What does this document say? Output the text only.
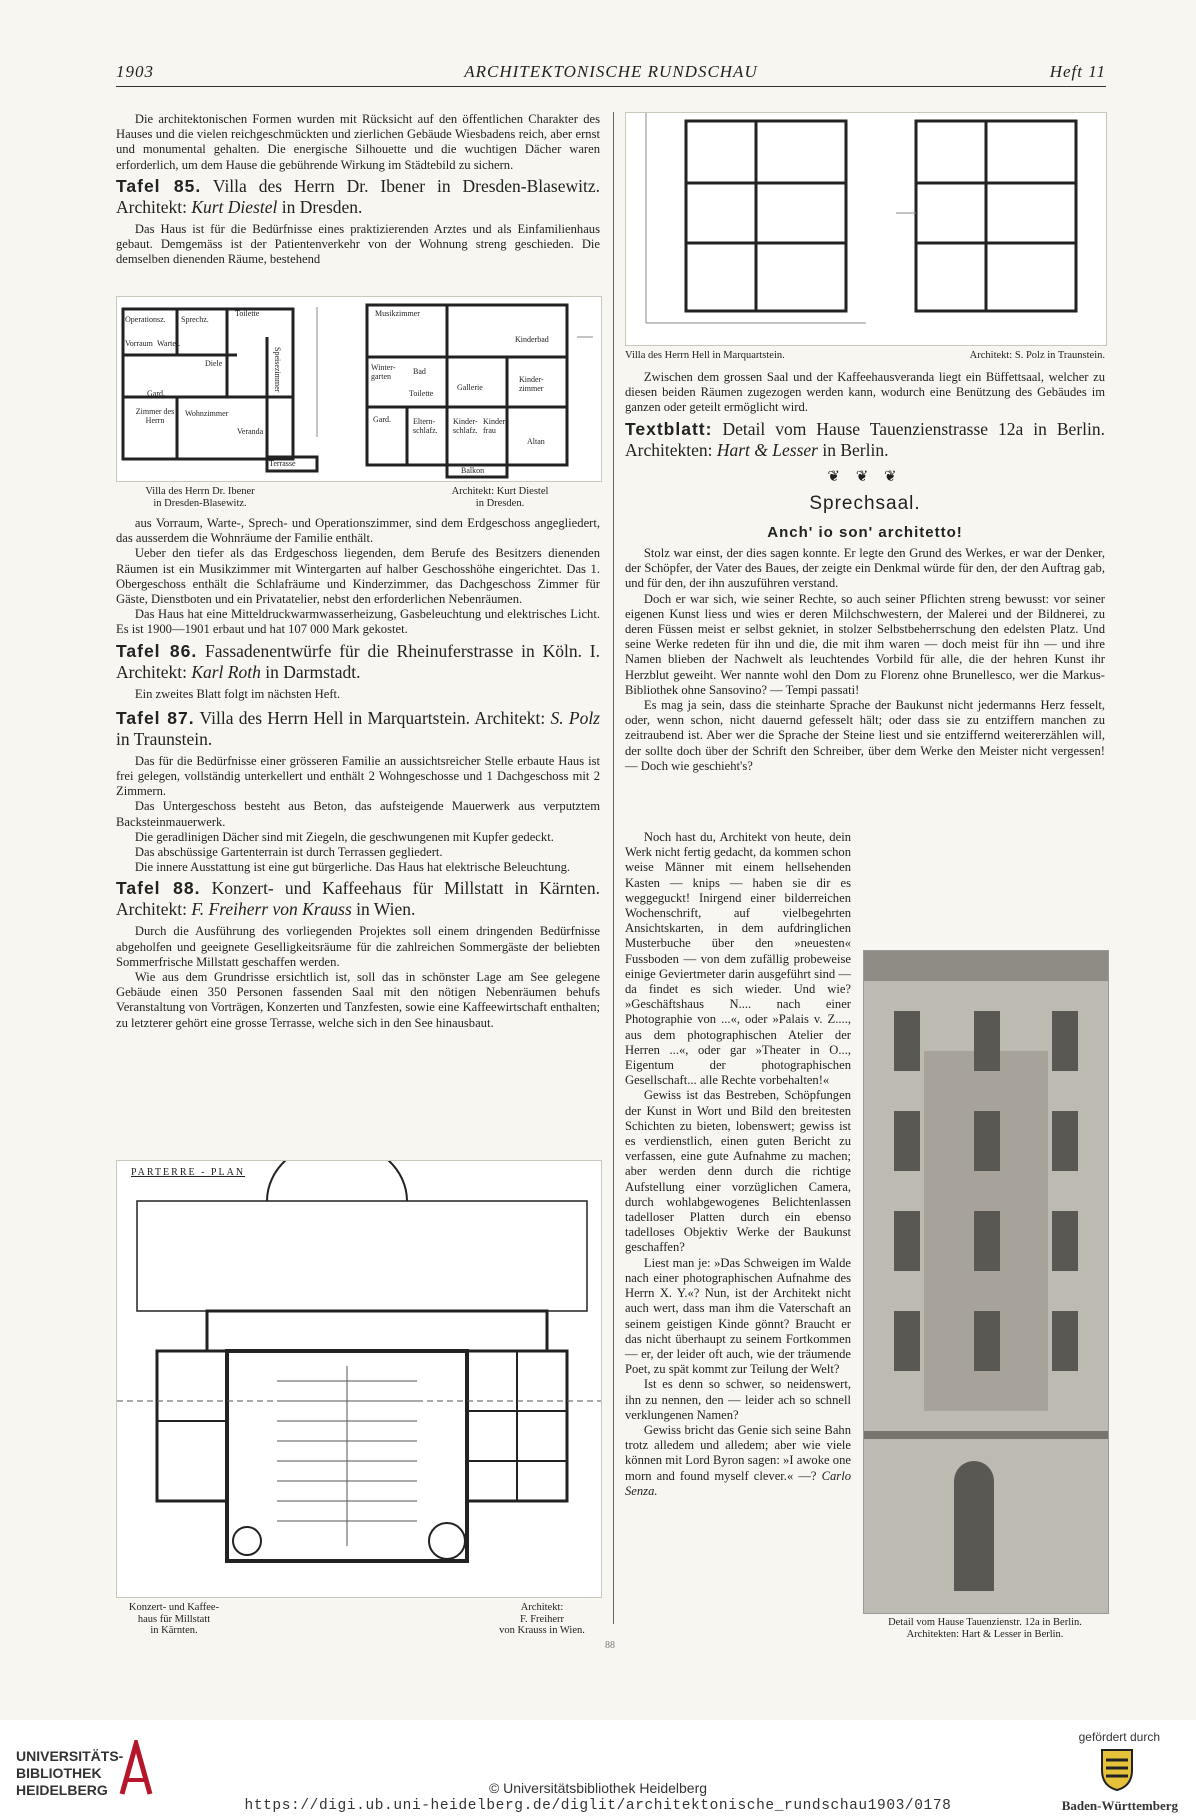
1903	ARCHITEKTONISCHE RUNDSCHAU	Heft 11

Die architektonischen Formen wurden mit Rücksicht auf den öffentlichen Charakter des Hauses und die vielen reichgeschmückten und zierlichen Gebäude Wiesbadens reich, aber ernst und monumental gehalten. Die energische Silhouette und die wuchtigen Dächer waren erforderlich, um dem Hause die gebührende Wirkung im Städtebild zu sichern.

Tafel 85. Villa des Herrn Dr. Ibener in Dresden-Blasewitz. Architekt: Kurt Diestel in Dresden.

Das Haus ist für die Bedürfnisse eines praktizierenden Arztes und als Einfamilienhaus gebaut. Demgemäss ist der Patientenverkehr von der Wohnung streng geschieden. Die demselben dienenden Räume, bestehend

Operationsz. Sprechz.
Toilette
Vorraum Warter.
Diele	Speisezimmer
Gard.
Zimmer des Herrn
Wohnzimmer
Veranda
Terrasse
Musikzimmer
Kinderbad
Winter-garten
Bad
Gallerie
Kinder-zimmer
Toilette
Gard.	Eltern-schlafz.
Kinder-schlafz.
Kinder-frau
Altan
Balkon
Villa des Herrn Dr. Ibener
in Dresden-Blasewitz.
Architekt: Kurt Diestel
in Dresden.

aus Vorraum, Warte-, Sprech- und Operationszimmer, sind dem Erdgeschoss angegliedert, das ausserdem die Wohnräume der Familie enthält.

Ueber den tiefer als das Erdgeschoss liegenden, dem Berufe des Besitzers dienenden Räumen ist ein Musikzimmer mit Wintergarten auf halber Geschosshöhe eingerichtet. Das 1. Obergeschoss enthält die Schlafräume und Kinderzimmer, das Dachgeschoss Zimmer für Gäste, Dienstboten und ein Privatatelier, nebst den erforderlichen Nebenräumen.

Das Haus hat eine Mitteldruckwarmwasserheizung, Gasbeleuchtung und elektrisches Licht. Es ist 1900—1901 erbaut und hat 107 000 Mark gekostet.

Tafel 86. Fassadenentwürfe für die Rheinuferstrasse in Köln. I. Architekt: Karl Roth in Darmstadt.
Ein zweites Blatt folgt im nächsten Heft.
Tafel 87. Villa des Herrn Hell in Marquartstein. Architekt: S. Polz in Traunstein.

Das für die Bedürfnisse einer grösseren Familie an aussichtsreicher Stelle erbaute Haus ist frei gelegen, vollständig unterkellert und enthält 2 Wohngeschosse und 1 Dachgeschoss mit 2 Zimmern.

Das Untergeschoss besteht aus Beton, das aufsteigende Mauerwerk aus verputztem Backsteinmauerwerk.

Die geradlinigen Dächer sind mit Ziegeln, die geschwungenen mit Kupfer gedeckt.

Das abschüssige Gartenterrain ist durch Terrassen gegliedert.

Die innere Ausstattung ist eine gut bürgerliche. Das Haus hat elektrische Beleuchtung.

Tafel 88. Konzert- und Kaffeehaus für Millstatt in Kärnten. Architekt: F. Freiherr von Krauss in Wien.

Durch die Ausführung des vorliegenden Projektes soll einem dringenden Bedürfnisse abgeholfen und geeignete Geselligkeitsräume für die zahlreichen Sommergäste der beliebten Sommerfrische Millstatt geschaffen werden.

Wie aus dem Grundrisse ersichtlich ist, soll das in schönster Lage am See gelegene Gebäude einen 350 Personen fassenden Saal mit den nötigen Nebenräumen behufs Veranstaltung von Vorträgen, Konzerten und Tanzfesten, sowie eine Kaffeewirtschaft enthalten; zu letzterer gehört eine grosse Terrasse, welche sich in den See hinausbaut.

PARTERRE - PLAN
Konzert- und Kaffee-
haus für Millstatt
in Kärnten.
Architekt:
F. Freiherr
von Krauss in Wien.
Villa des Herrn Hell in Marquartstein.	Architekt: S. Polz in Traunstein.

Zwischen dem grossen Saal und der Kaffeehausveranda liegt ein Büffettsaal, welcher zu diesen beiden Räumen zugezogen werden kann, wodurch eine Benützung des Gebäudes im ganzen oder geteilt ermöglicht wird.

Textblatt: Detail vom Hause Tauenzienstrasse 12a in Berlin. Architekten: Hart & Lesser in Berlin.
❦ ❦ ❦
Sprechsaal.
Anch' io son' architetto!

Stolz war einst, der dies sagen konnte. Er legte den Grund des Werkes, er war der Denker, der Schöpfer, der Vater des Baues, der zeigte ein Denkmal würde für den, der den Auftrag gab, und für den, der ihn auszuführen verstand.

Doch er war sich, wie seiner Rechte, so auch seiner Pflichten streng bewusst: vor seiner eigenen Kunst liess und wies er deren Milchschwestern, der Malerei und der Bildnerei, zu deren Füssen meist er selbst gekniet, in stolzer Selbstbeherrschung den edelsten Platz. Und seine Werke redeten für ihn und die, die mit ihm waren — doch meist für ihn — und ihre Namen blieben der Nachwelt als leuchtendes Vorbild für alle, die der hehren Kunst ihr Herzblut geweiht. Wer nannte wohl den Dom zu Florenz ohne Brunellesco, wer die Markus-Bibliothek ohne Sansovino? — Tempi passati!

Es mag ja sein, dass die steinharte Sprache der Baukunst nicht jedermanns Herz fesselt, oder, wenn schon, nicht dauernd gefesselt hält; oder dass sie zu entziffern manchen zu zeitraubend ist. Aber wer die Sprache der Steine liest und sie entziffernd weitererzählen will, der sollte doch über der Schrift den Schreiber, über dem Werke den Meister nicht vergessen! — Doch wie geschieht's?

Noch hast du, Architekt von heute, dein Werk nicht fertig gedacht, da kommen schon weise Männer mit einem hellsehenden Kasten — knips — haben sie dir es weggeguckt! Inirgend einer bilderreichen Wochenschrift, auf vielbegehrten Ansichtskarten, in dem aufdringlichen Musterbuche über den »neuesten« Fussboden — von dem zufällig probeweise einige Geviertmeter darin ausgeführt sind — da findet es sich wieder. Und wie? »Geschäftshaus N.... nach einer Photographie von ...«, oder »Palais v. Z...., aus dem photographischen Atelier der Herren ...«, oder gar »Theater in O..., Eigentum der photographischen Gesellschaft... alle Rechte vorbehalten!«

Gewiss ist das Bestreben, Schöpfungen der Kunst in Wort und Bild den breitesten Schichten zu bieten, lobenswert; gewiss ist es verdienstlich, einen guten Bericht zu verfassen, eine gute Aufnahme zu machen; aber werden denn durch die richtige Aufstellung einer vorzüglichen Camera, durch wohlabgewogenes Belichtenlassen tadelloser Platten durch ein ebenso tadelloses Objektiv Werke der Baukunst geschaffen?

Liest man je: »Das Schweigen im Walde nach einer photographischen Aufnahme des Herrn X. Y.«? Nun, ist der Architekt nicht auch wert, dass man ihm die Vaterschaft an seinem geistigen Kinde gönnt? Braucht er das nicht überhaupt zu seinem Fortkommen — er, der leider oft auch, wie der träumende Poet, zu spät kommt zur Teilung der Welt?

Ist es denn so schwer, so neidenswert, ihn zu nennen, den — leider ach so schnell verklungenen Namen?

Gewiss bricht das Genie sich seine Bahn trotz alledem und alledem; aber wie viele können mit Lord Byron sagen: »I awoke one morn and found myself clever.« —? Carlo Senza.

Detail vom Hause Tauenzienstr. 12a in Berlin.
Architekten: Hart & Lesser in Berlin.
88
UNIVERSITÄTS-
BIBLIOTHEK
HEIDELBERG	© Universitätsbibliothek Heidelberg
https://digi.ub.uni-heidelberg.de/diglit/architektonische_rundschau1903/0178
gefördert durch
Baden-Württemberg
